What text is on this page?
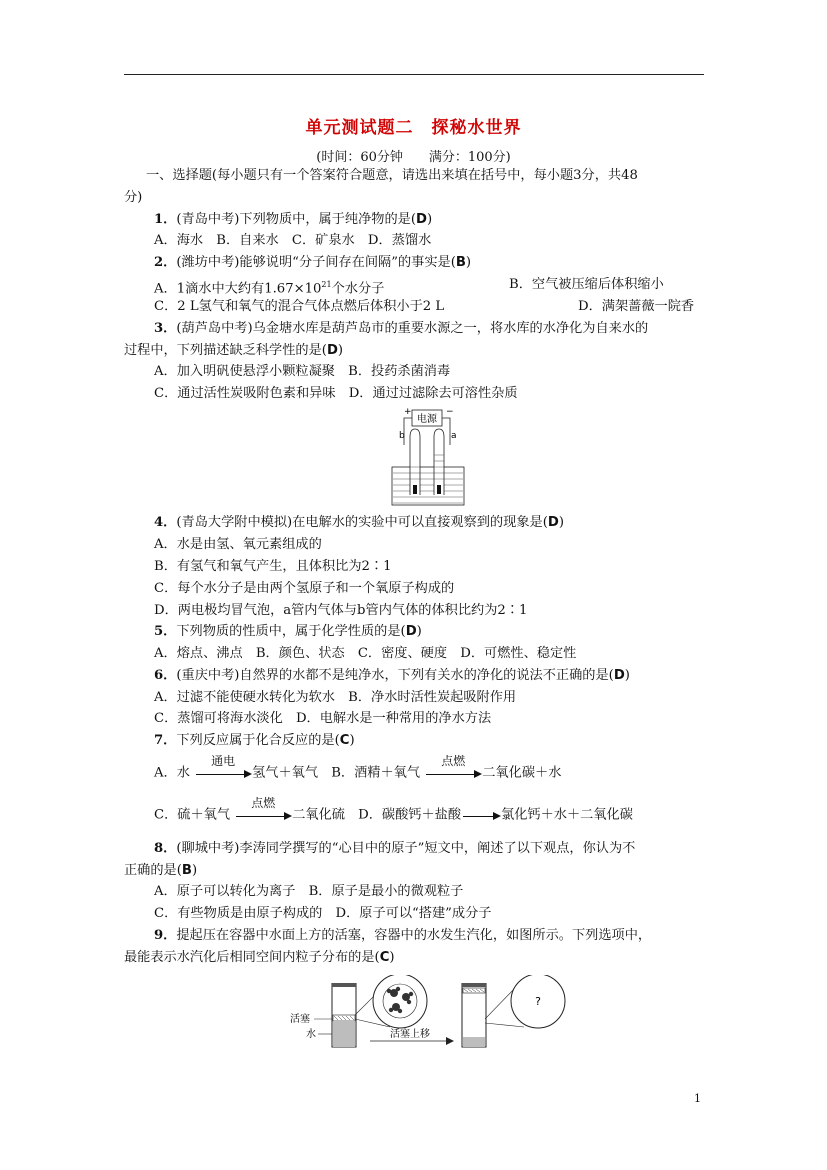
单元测试题二　探秘水世界
(时间：60分钟　　满分：100分)
一、选择题(每小题只有一个答案符合题意，请选出来填在括号中，每小题3分，共48
分)
1．(青岛中考)下列物质中，属于纯净物的是(D)
A．海水　B．自来水　C．矿泉水　D．蒸馏水
2．(潍坊中考)能够说明“分子间存在间隔”的事实是(B)
A．1滴水中大约有$1.67\times 10^{21}$个水分子	B．空气被压缩后体积缩小
C．2 L氢气和氧气的混合气体点燃后体积小于2 L	D．满架蔷薇一院香
3．(葫芦岛中考)乌金塘水库是葫芦岛市的重要水源之一，将水库的水净化为自来水的
过程中，下列描述缺乏科学性的是(D)
A．加入明矾使悬浮小颗粒凝聚　B．投药杀菌消毒
C．通过活性炭吸附色素和异味　D．通过过滤除去可溶性杂质
+	−
电源
b	a
4．(青岛大学附中模拟)在电解水的实验中可以直接观察到的现象是(D)
A．水是由氢、氧元素组成的
B．有氢气和氧气产生，且体积比为2∶1
C．每个水分子是由两个氢原子和一个氧原子构成的
D．两电极均冒气泡，a管内气体与b管内气体的体积比约为2∶1
5．下列物质的性质中，属于化学性质的是(D)
A．熔点、沸点　B．颜色、状态　C．密度、硬度　D．可燃性、稳定性
6．(重庆中考)自然界的水都不是纯净水，下列有关水的净化的说法不正确的是(D)
A．过滤不能使硬水转化为软水　B．净水时活性炭起吸附作用
C．蒸馏可将海水淡化　D．电解水是一种常用的净水方法
7．下列反应属于化合反应的是(C)
A．水
通电
氢气＋氧气　B．酒精＋氧气
点燃
二氧化碳＋水
C．硫＋氧气
点燃
二氧化硫　D．碳酸钙＋盐酸	氯化钙＋水＋二氧化碳
8．(聊城中考)李涛同学撰写的“心目中的原子”短文中，阐述了以下观点，你认为不
正确的是(B)
A．原子可以转化为离子　B．原子是最小的微观粒子
C．有些物质是由原子构成的　D．原子可以“搭建”成分子
9．提起压在容器中水面上方的活塞，容器中的水发生汽化，如图所示。下列选项中，
最能表示水汽化后相同空间内粒子分布的是(C)
活塞
水	活塞上移
?
1
